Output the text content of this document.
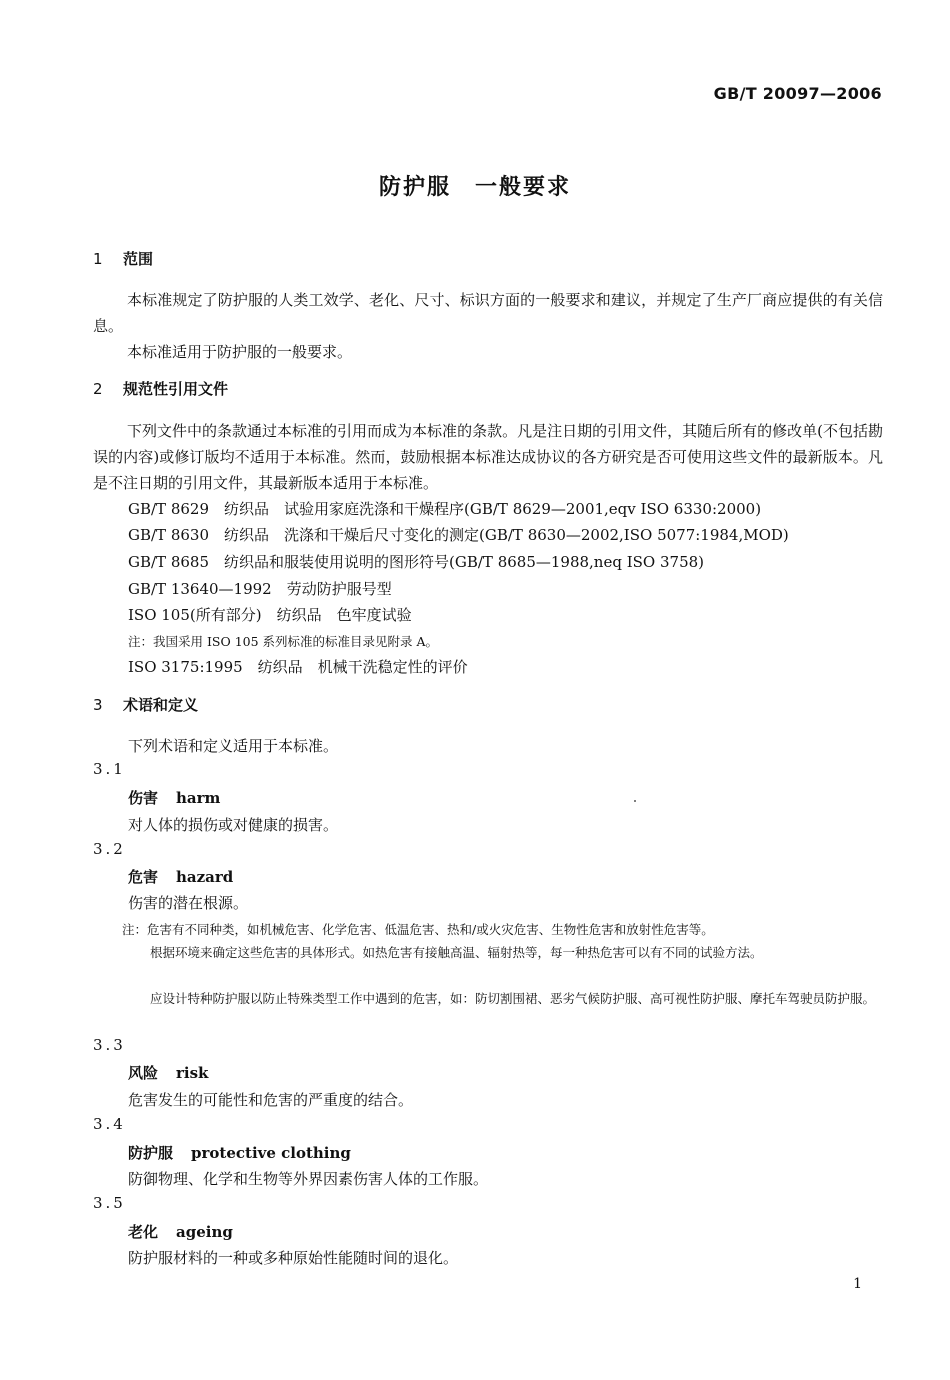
GB/T 20097—2006
防护服　一般要求
1 范围
本标准规定了防护服的人类工效学、老化、尺寸、标识方面的一般要求和建议，并规定了生产厂商应提供的有关信息。
本标准适用于防护服的一般要求。
2 规范性引用文件
下列文件中的条款通过本标准的引用而成为本标准的条款。凡是注日期的引用文件，其随后所有的修改单(不包括勘误的内容)或修订版均不适用于本标准。然而，鼓励根据本标准达成协议的各方研究是否可使用这些文件的最新版本。凡是不注日期的引用文件，其最新版本适用于本标准。
GB/T 8629　纺织品　试验用家庭洗涤和干燥程序(GB/T 8629—2001,eqv ISO 6330:2000)
GB/T 8630　纺织品　洗涤和干燥后尺寸变化的测定(GB/T 8630—2002,ISO 5077:1984,MOD)
GB/T 8685　纺织品和服装使用说明的图形符号(GB/T 8685—1988,neq ISO 3758)
GB/T 13640—1992　劳动防护服号型
ISO 105(所有部分)　纺织品　色牢度试验
注：我国采用 ISO 105 系列标准的标准目录见附录 A。
ISO 3175:1995　纺织品　机械干洗稳定性的评价
3 术语和定义
下列术语和定义适用于本标准。
3.1
伤害 harm
对人体的损伤或对健康的损害。
3.2
危害 hazard
伤害的潜在根源。
注：危害有不同种类，如机械危害、化学危害、低温危害、热和/或火灾危害、生物性危害和放射性危害等。
根据环境来确定这些危害的具体形式。如热危害有接触高温、辐射热等，每一种热危害可以有不同的试验方法。
应设计特种防护服以防止特殊类型工作中遇到的危害，如：防切割围裙、恶劣气候防护服、高可视性防护服、摩托车驾驶员防护服。
3.3
风险 risk
危害发生的可能性和危害的严重度的结合。
3.4
防护服 protective clothing
防御物理、化学和生物等外界因素伤害人体的工作服。
3.5
老化 ageing
防护服材料的一种或多种原始性能随时间的退化。
1
